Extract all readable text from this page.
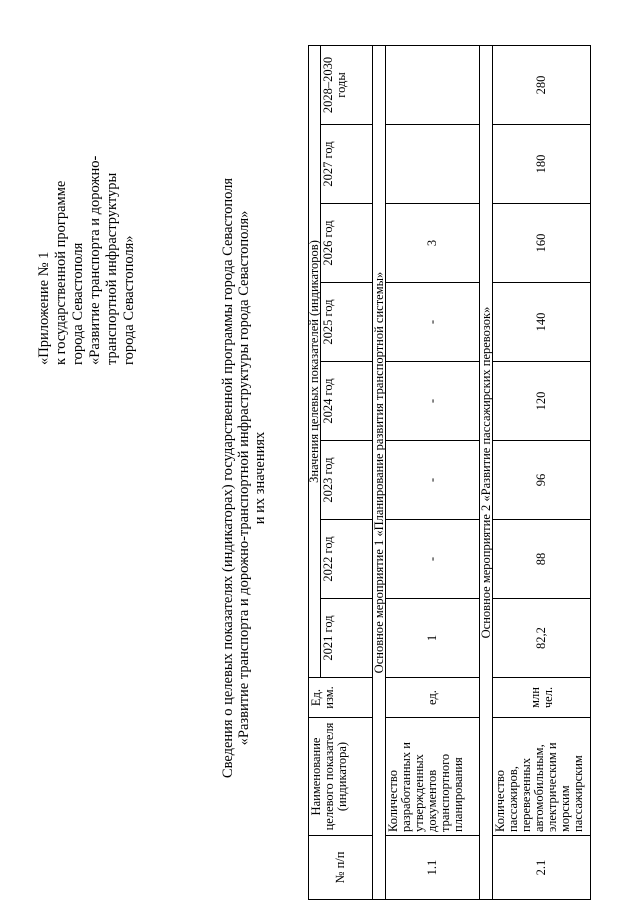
«Приложение № 1 к государственной программе города Севастополя «Развитие транспорта и дорожно- транспортной инфраструктуры города Севастополя»	Сведения о целевых показателях (индикаторах) государственной программы города Севастополя «Развитие транспорта и дорожно-транспортной инфраструктуры города Севастополя» и их значениях
№ п/п	Наименование целевого показателя (индикатора)	Ед. изм.	Значения целевых показателей (индикаторов)							
			2021 год	2022 год	2023 год	2024 год	2025 год	2026 год	2027 год	2028–2030 годы
Основное мероприятие 1 «Планирование развития транспортной системы»										
1.1	Количество разработанных и утвержденных документов транспортного планирования	ед.	1	-	-	-	-	3		
Основное мероприятие 2 «Развитие пассажирских перевозок»										
2.1	Количество пассажиров, перевезенных автомобильным, электрическим и морским пассажирским	млн чел.	82,2	88	96	120	140	160	180	280
